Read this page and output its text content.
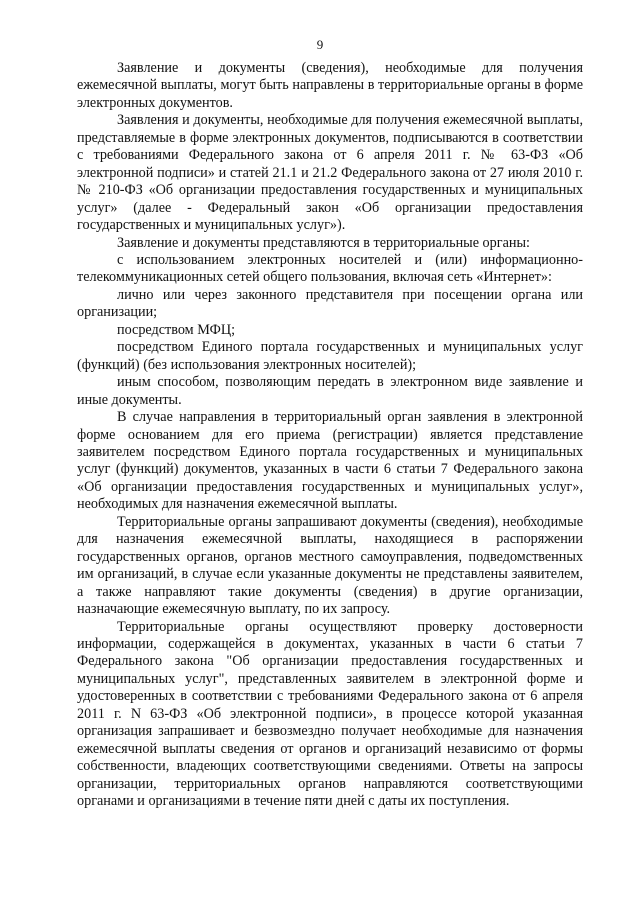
9

Заявление и документы (сведения), необходимые для получения ежемесячной выплаты, могут быть направлены в территориальные органы в форме электронных документов.

Заявления и документы, необходимые для получения ежемесячной выплаты, представляемые в форме электронных документов, подписываются в соответствии с требованиями Федерального закона от 6 апреля 2011 г. № 63-ФЗ «Об электронной подписи» и статей 21.1 и 21.2 Федерального закона от 27 июля 2010 г. № 210-ФЗ «Об организации предоставления государственных и муниципальных услуг» (далее - Федеральный закон «Об организации предоставления государственных и муниципальных услуг»).

Заявление и документы представляются в территориальные органы:

с использованием электронных носителей и (или) информационно-телекоммуникационных сетей общего пользования, включая сеть «Интернет»:

лично или через законного представителя при посещении органа или организации;

посредством МФЦ;

посредством Единого портала государственных и муниципальных услуг (функций) (без использования электронных носителей);

иным способом, позволяющим передать в электронном виде заявление и иные документы.

В случае направления в территориальный орган заявления в электронной форме основанием для его приема (регистрации) является представление заявителем посредством Единого портала государственных и муниципальных услуг (функций) документов, указанных в части 6 статьи 7 Федерального закона «Об организации предоставления государственных и муниципальных услуг», необходимых для назначения ежемесячной выплаты.

Территориальные органы запрашивают документы (сведения), необходимые для назначения ежемесячной выплаты, находящиеся в распоряжении государственных органов, органов местного самоуправления, подведомственных им организаций, в случае если указанные документы не представлены заявителем, а также направляют такие документы (сведения) в другие организации, назначающие ежемесячную выплату, по их запросу.

Территориальные органы осуществляют проверку достоверности информации, содержащейся в документах, указанных в части 6 статьи 7 Федерального закона "Об организации предоставления государственных и муниципальных услуг", представленных заявителем в электронной форме и удостоверенных в соответствии с требованиями Федерального закона от 6 апреля 2011 г. N 63-ФЗ «Об электронной подписи», в процессе которой указанная организация запрашивает и безвозмездно получает необходимые для назначения ежемесячной выплаты сведения от органов и организаций независимо от формы собственности, владеющих соответствующими сведениями. Ответы на запросы организации, территориальных органов направляются соответствующими органами и организациями в течение пяти дней с даты их поступления.
